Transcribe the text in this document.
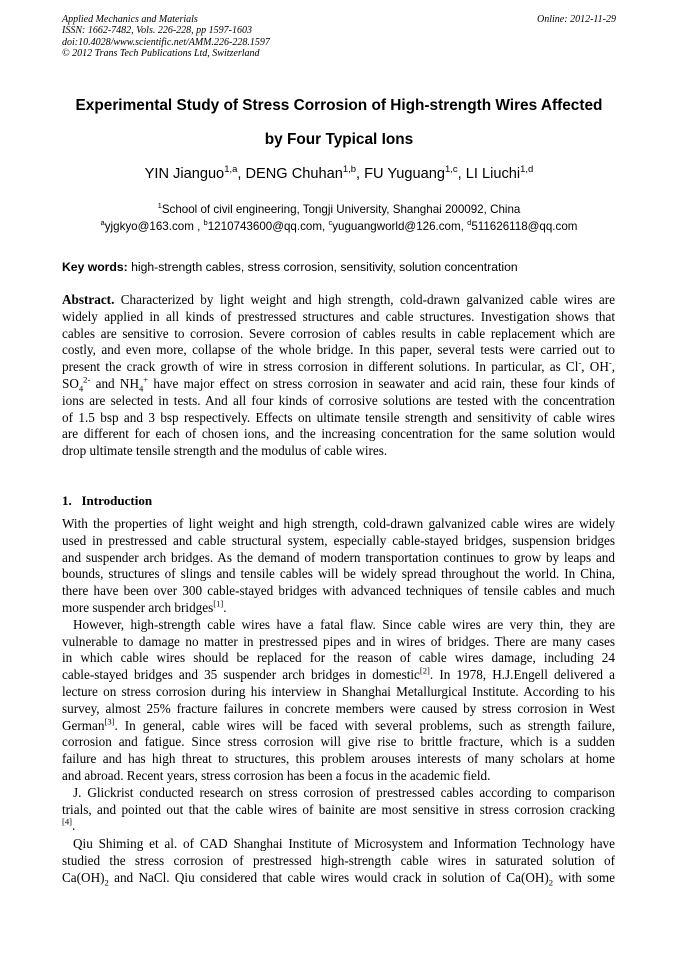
Applied Mechanics and Materials
ISSN: 1662-7482, Vols. 226-228, pp 1597-1603
doi:10.4028/www.scientific.net/AMM.226-228.1597
© 2012 Trans Tech Publications Ltd, Switzerland
Online: 2012-11-29
Experimental Study of Stress Corrosion of High-strength Wires Affected
by Four Typical Ions
YIN Jianguo$^{1,a}$, DENG Chuhan$^{1,b}$, FU Yuguang$^{1,c}$, LI Liuchi$^{1,d}$
$^1$School of civil engineering, Tongji University, Shanghai 200092, China
$^a$yjgkyo@163.com , $^b$1210743600@qq.com, $^c$yuguangworld@126.com, $^d$511626118@qq.com
Key words: high-strength cables, stress corrosion, sensitivity, solution concentration
Abstract. Characterized by light weight and high strength, cold-drawn galvanized cable wires are
widely applied in all kinds of prestressed structures and cable structures. Investigation shows that
cables are sensitive to corrosion. Severe corrosion of cables results in cable replacement which are
costly, and even more, collapse of the whole bridge. In this paper, several tests were carried out to
present the crack growth of wire in stress corrosion in different solutions. In particular, as Cl-, OH-,
$SO_4^{2-}$ and $NH_4^+$ have major effect on stress corrosion in seawater and acid rain, these four kinds of
ions are selected in tests. And all four kinds of corrosive solutions are tested with the concentration
of 1.5 bsp and 3 bsp respectively. Effects on ultimate tensile strength and sensitivity of cable wires
are different for each of chosen ions, and the increasing concentration for the same solution would
drop ultimate tensile strength and the modulus of cable wires.
1. Introduction
With the properties of light weight and high strength, cold-drawn galvanized cable wires are widely
used in prestressed and cable structural system, especially cable-stayed bridges, suspension bridges
and suspender arch bridges. As the demand of modern transportation continues to grow by leaps and
bounds, structures of slings and tensile cables will be widely spread throughout the world. In China,
there have been over 300 cable-stayed bridges with advanced techniques of tensile cables and much
more suspender arch bridges[1].
However, high-strength cable wires have a fatal flaw. Since cable wires are very thin, they are
vulnerable to damage no matter in prestressed pipes and in wires of bridges. There are many cases
in which cable wires should be replaced for the reason of cable wires damage, including 24
cable-stayed bridges and 35 suspender arch bridges in domestic[2]. In 1978, H.J.Engell delivered a
lecture on stress corrosion during his interview in Shanghai Metallurgical Institute. According to his
survey, almost 25% fracture failures in concrete members were caused by stress corrosion in West
German[3]. In general, cable wires will be faced with several problems, such as strength failure,
corrosion and fatigue. Since stress corrosion will give rise to brittle fracture, which is a sudden
failure and has high threat to structures, this problem arouses interests of many scholars at home
and abroad. Recent years, stress corrosion has been a focus in the academic field.
J. Glickrist conducted research on stress corrosion of prestressed cables according to comparison
trials, and pointed out that the cable wires of bainite are most sensitive in stress corrosion cracking
[4].
Qiu Shiming et al. of CAD Shanghai Institute of Microsystem and Information Technology have
studied the stress corrosion of prestressed high-strength cable wires in saturated solution of
$Ca(OH)_2$ and NaCl. Qiu considered that cable wires would crack in solution of $Ca(OH)_2$ with some
